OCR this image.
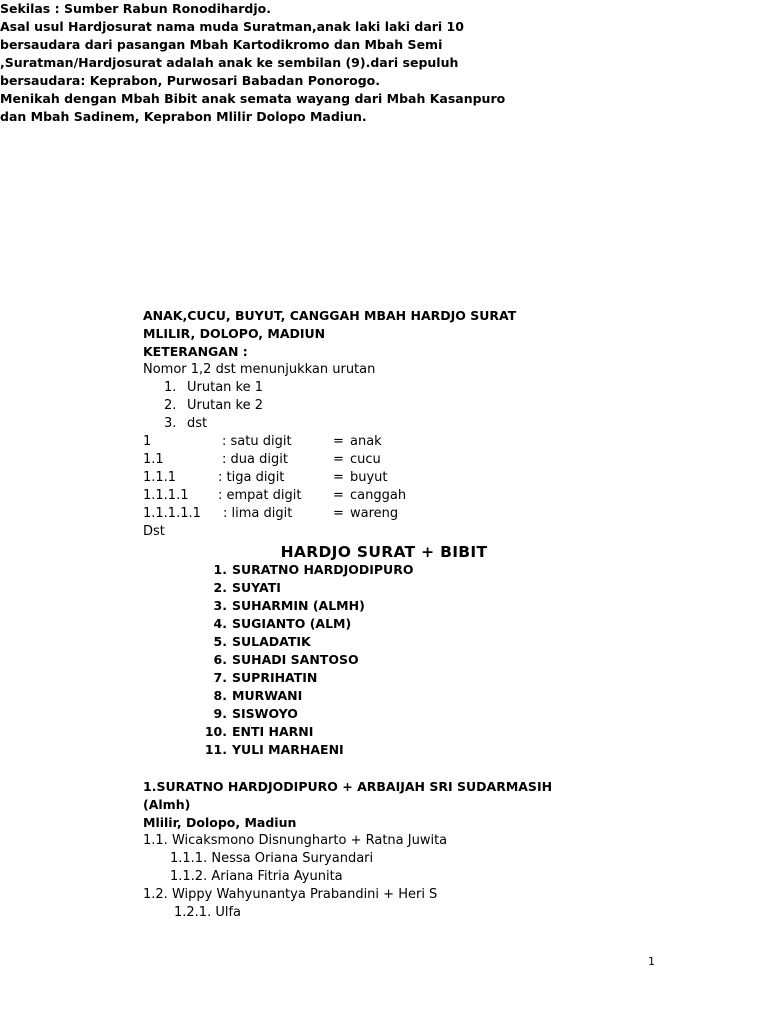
Sekilas : Sumber Rabun Ronodihardjo.
Asal usul Hardjosurat nama muda Suratman,anak laki laki dari 10
bersaudara dari pasangan Mbah Kartodikromo dan Mbah Semi
,Suratman/Hardjosurat adalah anak ke sembilan (9).dari sepuluh
bersaudara: Keprabon, Purwosari Babadan Ponorogo.
Menikah dengan Mbah Bibit anak semata wayang dari Mbah Kasanpuro
dan Mbah Sadinem, Keprabon Mlilir Dolopo Madiun.
ANAK,CUCU, BUYUT, CANGGAH MBAH HARDJO SURAT
MLILIR, DOLOPO, MADIUN
KETERANGAN :
Nomor 1,2 dst menunjukkan urutan
1. Urutan ke 1
2. Urutan ke 2
3. dst
1	: satu digit	= anak
1.1	: dua digit	= cucu
1.1.1	: tiga digit	= buyut
1.1.1.1 : empat digit = canggah
1.1.1.1.1 : lima digit	= wareng
Dst
HARDJO SURAT + BIBIT
1. SURATNO HARDJODIPURO
2. SUYATI
3. SUHARMIN (ALMH)
4. SUGIANTO (ALM)
5. SULADATIK
6. SUHADI SANTOSO
7. SUPRIHATIN
8. MURWANI
9. SISWOYO
10. ENTI HARNI
11. YULI MARHAENI
1.SURATNO HARDJODIPURO + ARBAIJAH SRI SUDARMASIH
(Almh)
Mlilir, Dolopo, Madiun
1.1. Wicaksmono Disnungharto + Ratna Juwita
1.1.1. Nessa Oriana Suryandari
1.1.2. Ariana Fitria Ayunita
1.2. Wippy Wahyunantya Prabandini + Heri S
1.2.1. Ulfa
1
